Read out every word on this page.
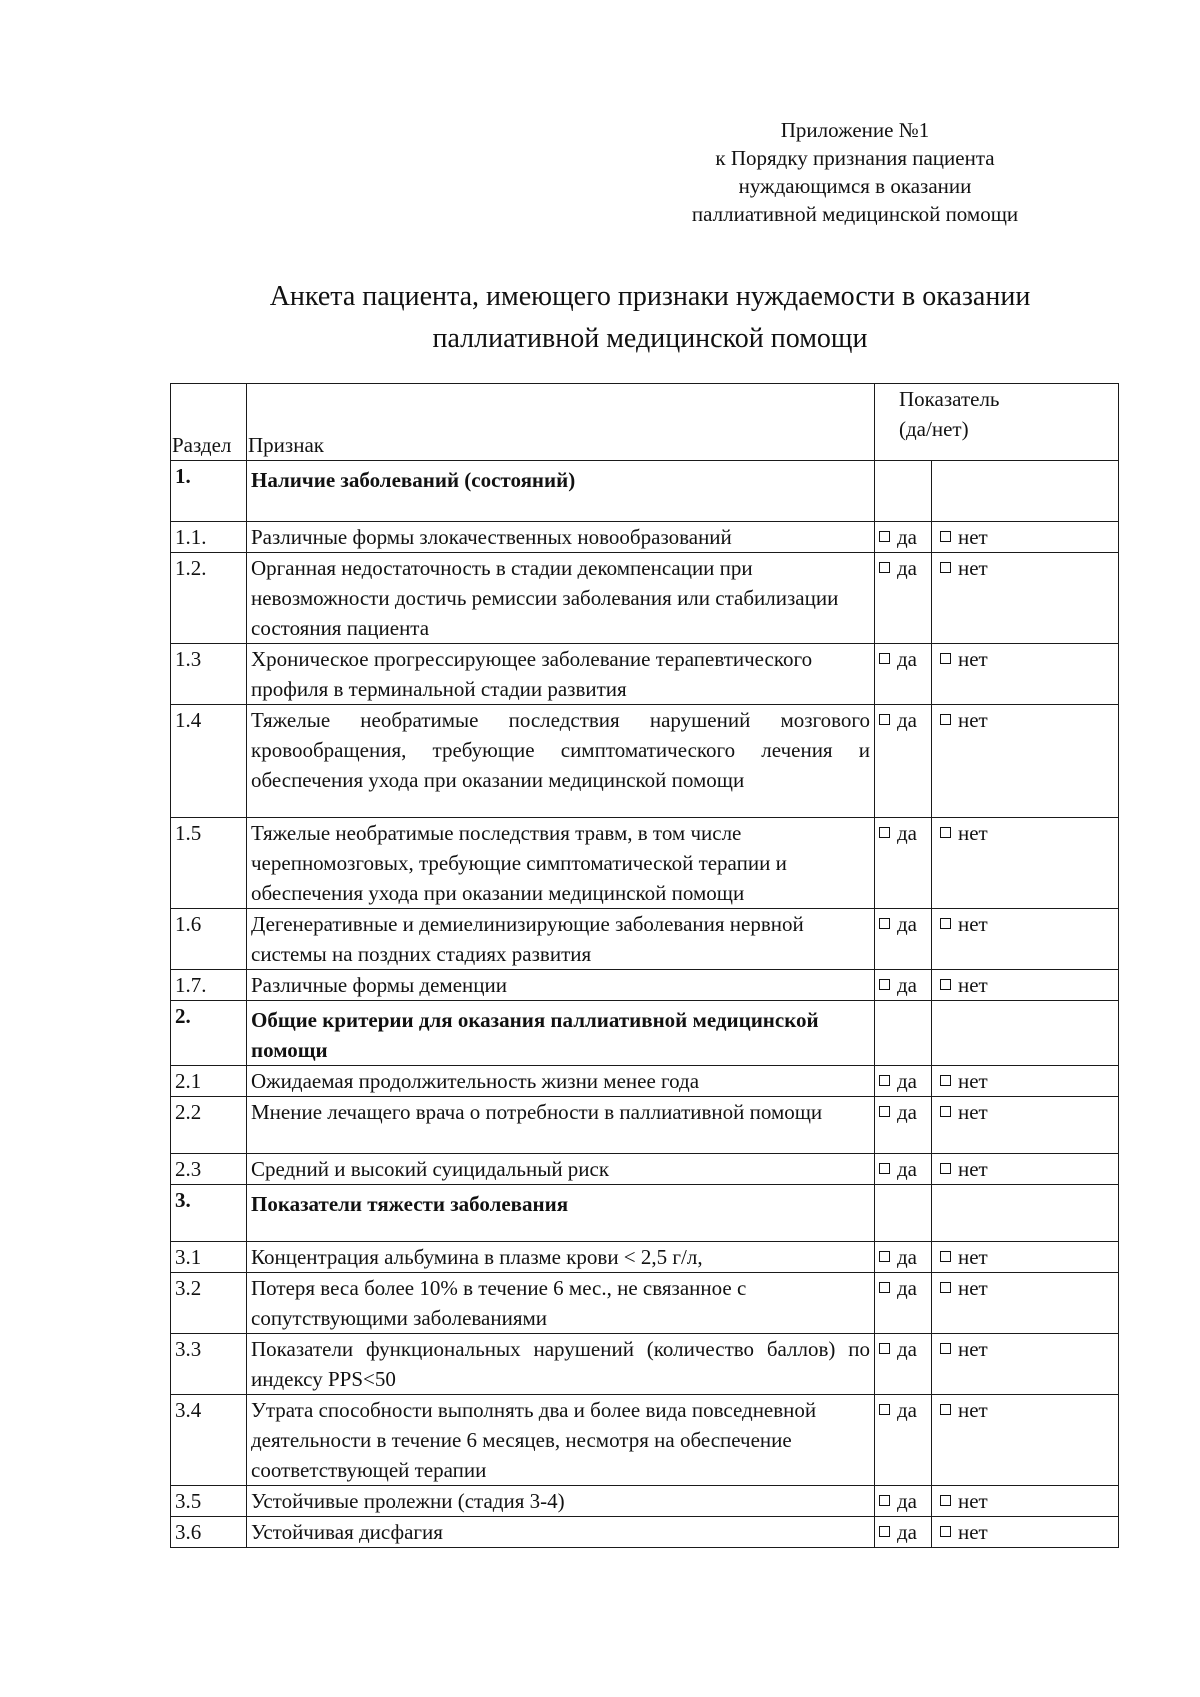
Приложение №1
к Порядку признания пациента
нуждающимся в оказании
паллиативной медицинской помощи
Анкета пациента, имеющего признаки нуждаемости в оказании
паллиативной медицинской помощи
Раздел	Признак	Показатель
(да/нет)	

1.	Наличие заболеваний (состояний)		
1.1.	Различные формы злокачественных новообразований	да	нет
1.2.	Органная недостаточность в стадии декомпенсации при невозможности достичь ремиссии заболевания или стабилизации состояния пациента	да	нет
1.3	Хроническое прогрессирующее заболевание терапевтического профиля в терминальной стадии развития	да	нет
1.4	Тяжелые необратимые последствия нарушений мозгового кровообращения, требующие симптоматического лечения и обеспечения ухода при оказании медицинской помощи	да	нет
1.5	Тяжелые необратимые последствия травм, в том числе черепномозговых, требующие симптоматической терапии и обеспечения ухода при оказании медицинской помощи	да	нет
1.6	Дегенеративные и демиелинизирующие заболевания нервной системы на поздних стадиях развития	да	нет
1.7.	Различные формы деменции	да	нет
2.	Общие критерии для оказания паллиативной медицинской помощи		
2.1	Ожидаемая продолжительность жизни менее года	да	нет
2.2	Мнение лечащего врача о потребности в паллиативной помощи	да	нет
2.3	Средний и высокий суицидальный риск	да	нет
3.	Показатели тяжести заболевания		
3.1	Концентрация альбумина в плазме крови < 2,5 г/л,	да	нет
3.2	Потеря веса более 10% в течение 6 мес., не связанное с сопутствующими заболеваниями	да	нет
3.3	Показатели функциональных нарушений (количество баллов) по индексу PPS<50	да	нет
3.4	Утрата способности выполнять два и более вида повседневной деятельности в течение 6 месяцев, несмотря на обеспечение соответствующей терапии	да	нет
3.5	Устойчивые пролежни (стадия 3-4)	да	нет
3.6	Устойчивая дисфагия	да	нет
